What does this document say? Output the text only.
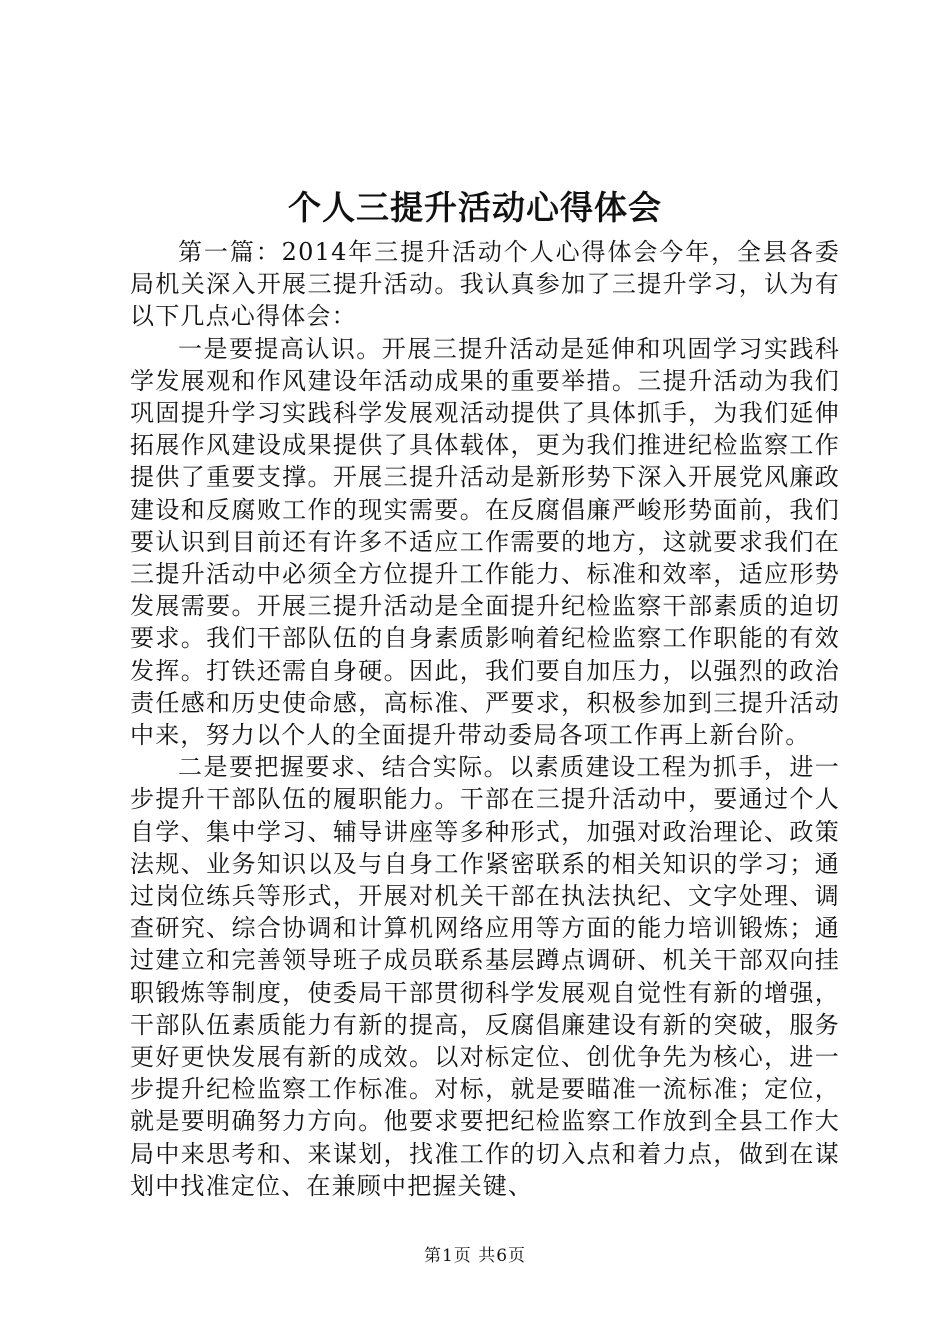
个人三提升活动心得体会

第一篇：2014年三提升活动个人心得体会今年，全县各委局机关深入开展三提升活动。我认真参加了三提升学习，认为有以下几点心得体会：

一是要提高认识。开展三提升活动是延伸和巩固学习实践科学发展观和作风建设年活动成果的重要举措。三提升活动为我们巩固提升学习实践科学发展观活动提供了具体抓手，为我们延伸拓展作风建设成果提供了具体载体，更为我们推进纪检监察工作提供了重要支撑。开展三提升活动是新形势下深入开展党风廉政建设和反腐败工作的现实需要。在反腐倡廉严峻形势面前，我们要认识到目前还有许多不适应工作需要的地方，这就要求我们在三提升活动中必须全方位提升工作能力、标准和效率，适应形势发展需要。开展三提升活动是全面提升纪检监察干部素质的迫切要求。我们干部队伍的自身素质影响着纪检监察工作职能的有效发挥。打铁还需自身硬。因此，我们要自加压力，以强烈的政治责任感和历史使命感，高标准、严要求，积极参加到三提升活动中来，努力以个人的全面提升带动委局各项工作再上新台阶。

二是要把握要求、结合实际。以素质建设工程为抓手，进一步提升干部队伍的履职能力。干部在三提升活动中，要通过个人自学、集中学习、辅导讲座等多种形式，加强对政治理论、政策法规、业务知识以及与自身工作紧密联系的相关知识的学习；通过岗位练兵等形式，开展对机关干部在执法执纪、文字处理、调查研究、综合协调和计算机网络应用等方面的能力培训锻炼；通过建立和完善领导班子成员联系基层蹲点调研、机关干部双向挂职锻炼等制度，使委局干部贯彻科学发展观自觉性有新的增强，干部队伍素质能力有新的提高，反腐倡廉建设有新的突破，服务更好更快发展有新的成效。以对标定位、创优争先为核心，进一步提升纪检监察工作标准。对标，就是要瞄准一流标准；定位，就是要明确努力方向。他要求要把纪检监察工作放到全县工作大局中来思考和、来谋划，找准工作的切入点和着力点，做到在谋划中找准定位、在兼顾中把握关键、

第1页 共6页
